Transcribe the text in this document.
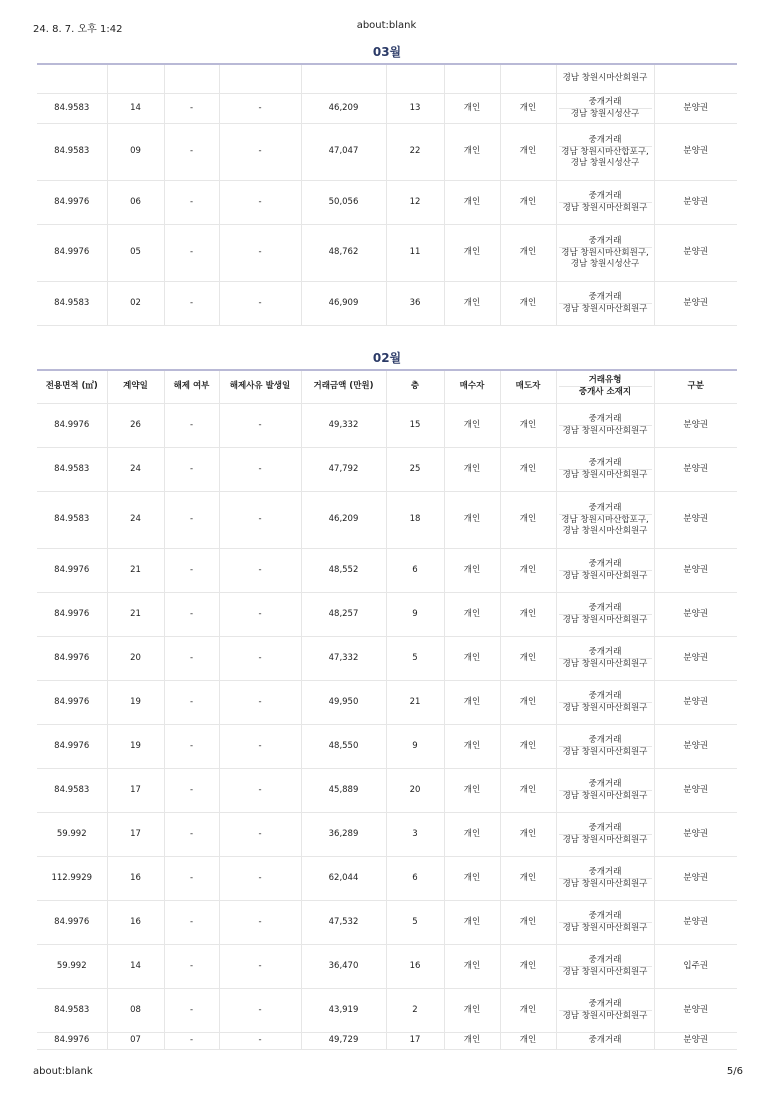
24. 8. 7. 오후 1:42	about:blank
03월

								경남 창원시마산회원구	

84.9583	14	-	-	46,209	13	개인	개인	중개거래
경남 창원시성산구	분양권
84.9583	09	-	-	47,047	22	개인	개인	중개거래
경남 창원시마산합포구, 경남 창원시성산구	분양권
84.9976	06	-	-	50,056	12	개인	개인	중개거래
경남 창원시마산회원구	분양권
84.9976	05	-	-	48,762	11	개인	개인	중개거래
경남 창원시마산회원구, 경남 창원시성산구	분양권
84.9583	02	-	-	46,909	36	개인	개인	중개거래
경남 창원시마산회원구	분양권
02월
전용면적 (㎡)	계약일	해제 여부	해제사유 발생일	거래금액 (만원)	층	매수자	매도자	거래유형
중개사 소재지	구분
84.9976	26	-	-	49,332	15	개인	개인	중개거래
경남 창원시마산회원구	분양권
84.9583	24	-	-	47,792	25	개인	개인	중개거래
경남 창원시마산회원구	분양권
84.9583	24	-	-	46,209	18	개인	개인	중개거래
경남 창원시마산합포구, 경남 창원시마산회원구	분양권
84.9976	21	-	-	48,552	6	개인	개인	중개거래
경남 창원시마산회원구	분양권
84.9976	21	-	-	48,257	9	개인	개인	중개거래
경남 창원시마산회원구	분양권
84.9976	20	-	-	47,332	5	개인	개인	중개거래
경남 창원시마산회원구	분양권
84.9976	19	-	-	49,950	21	개인	개인	중개거래
경남 창원시마산회원구	분양권
84.9976	19	-	-	48,550	9	개인	개인	중개거래
경남 창원시마산회원구	분양권
84.9583	17	-	-	45,889	20	개인	개인	중개거래
경남 창원시마산회원구	분양권
59.992	17	-	-	36,289	3	개인	개인	중개거래
경남 창원시마산회원구	분양권
112.9929	16	-	-	62,044	6	개인	개인	중개거래
경남 창원시마산회원구	분양권
84.9976	16	-	-	47,532	5	개인	개인	중개거래
경남 창원시마산회원구	분양권
59.992	14	-	-	36,470	16	개인	개인	중개거래
경남 창원시마산회원구	입주권
84.9583	08	-	-	43,919	2	개인	개인	중개거래
경남 창원시마산회원구	분양권
84.9976	07	-	-	49,729	17	개인	개인	중개거래	분양권
about:blank	5/6
